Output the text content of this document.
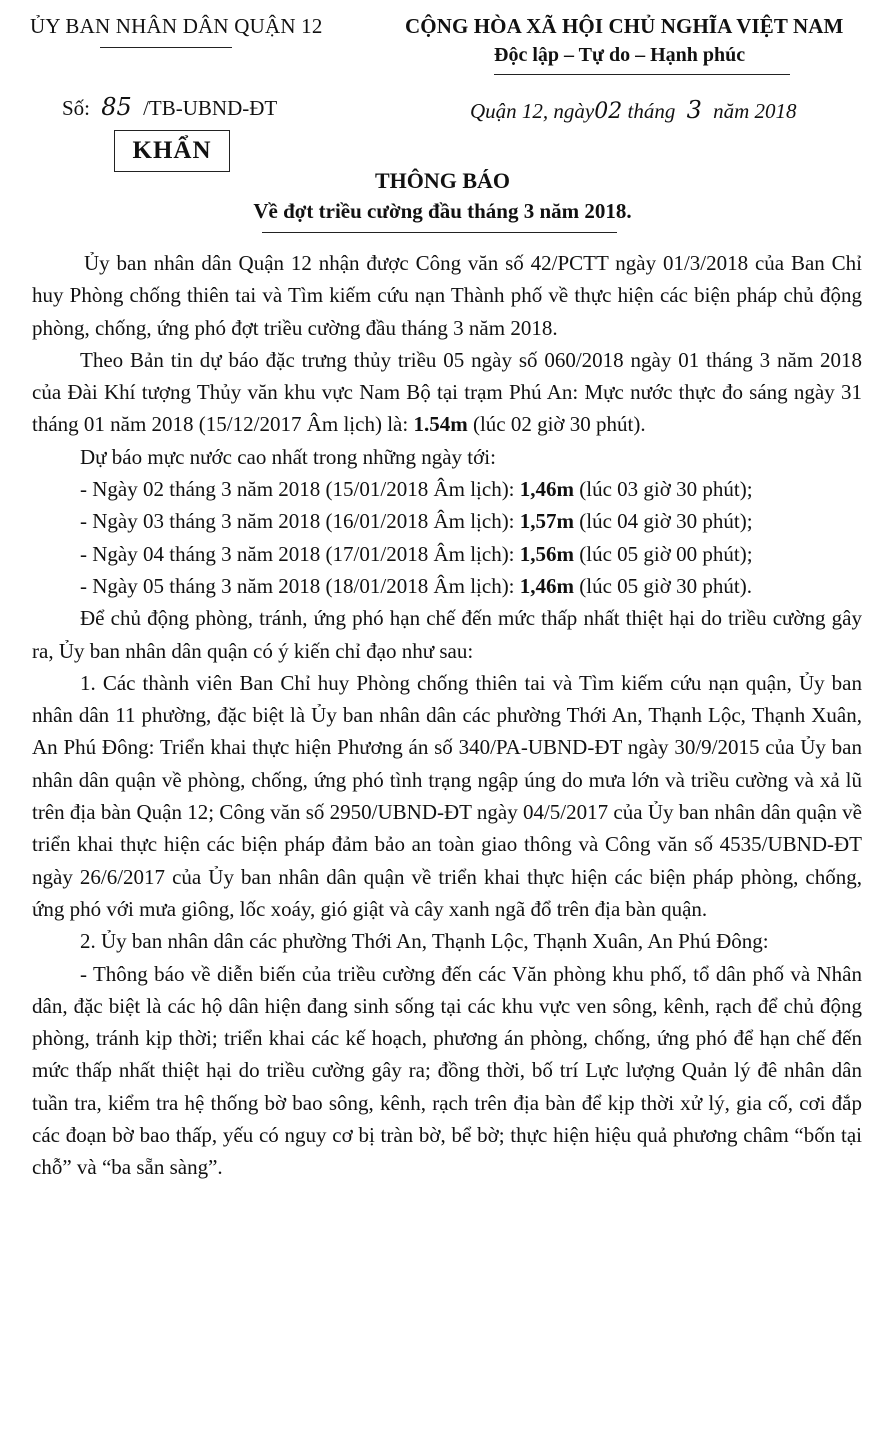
ỦY BAN NHÂN DÂN QUẬN 12	CỘNG HÒA XÃ HỘI CHỦ NGHĨA VIỆT NAM
Độc lập – Tự do – Hạnh phúc
Số: 85 /TB-UBND-ĐT	Quận 12, ngày02 tháng 3 năm 2018
KHẨN
THÔNG BÁO
Về đợt triều cường đầu tháng 3 năm 2018.
Ủy ban nhân dân Quận 12 nhận được Công văn số 42/PCTT ngày 01/3/2018 của Ban Chỉ huy Phòng chống thiên tai và Tìm kiếm cứu nạn Thành phố về thực hiện các biện pháp chủ động phòng, chống, ứng phó đợt triều cường đầu tháng 3 năm 2018.
Theo Bản tin dự báo đặc trưng thủy triều 05 ngày số 060/2018 ngày 01 tháng 3 năm 2018 của Đài Khí tượng Thủy văn khu vực Nam Bộ tại trạm Phú An: Mực nước thực đo sáng ngày 31 tháng 01 năm 2018 (15/12/2017 Âm lịch) là: 1.54m (lúc 02 giờ 30 phút).
Dự báo mực nước cao nhất trong những ngày tới:
- Ngày 02 tháng 3 năm 2018 (15/01/2018 Âm lịch): 1,46m (lúc 03 giờ 30 phút);
- Ngày 03 tháng 3 năm 2018 (16/01/2018 Âm lịch): 1,57m (lúc 04 giờ 30 phút);
- Ngày 04 tháng 3 năm 2018 (17/01/2018 Âm lịch): 1,56m (lúc 05 giờ 00 phút);
- Ngày 05 tháng 3 năm 2018 (18/01/2018 Âm lịch): 1,46m (lúc 05 giờ 30 phút).
Để chủ động phòng, tránh, ứng phó hạn chế đến mức thấp nhất thiệt hại do triều cường gây ra, Ủy ban nhân dân quận có ý kiến chỉ đạo như sau:
1. Các thành viên Ban Chỉ huy Phòng chống thiên tai và Tìm kiếm cứu nạn quận, Ủy ban nhân dân 11 phường, đặc biệt là Ủy ban nhân dân các phường Thới An, Thạnh Lộc, Thạnh Xuân, An Phú Đông: Triển khai thực hiện Phương án số 340/PA-UBND-ĐT ngày 30/9/2015 của Ủy ban nhân dân quận về phòng, chống, ứng phó tình trạng ngập úng do mưa lớn và triều cường và xả lũ trên địa bàn Quận 12; Công văn số 2950/UBND-ĐT ngày 04/5/2017 của Ủy ban nhân dân quận về triển khai thực hiện các biện pháp đảm bảo an toàn giao thông và Công văn số 4535/UBND-ĐT ngày 26/6/2017 của Ủy ban nhân dân quận về triển khai thực hiện các biện pháp phòng, chống, ứng phó với mưa giông, lốc xoáy, gió giật và cây xanh ngã đổ trên địa bàn quận.
2. Ủy ban nhân dân các phường Thới An, Thạnh Lộc, Thạnh Xuân, An Phú Đông:
- Thông báo về diễn biến của triều cường đến các Văn phòng khu phố, tổ dân phố và Nhân dân, đặc biệt là các hộ dân hiện đang sinh sống tại các khu vực ven sông, kênh, rạch để chủ động phòng, tránh kịp thời; triển khai các kế hoạch, phương án phòng, chống, ứng phó để hạn chế đến mức thấp nhất thiệt hại do triều cường gây ra; đồng thời, bố trí Lực lượng Quản lý đê nhân dân tuần tra, kiểm tra hệ thống bờ bao sông, kênh, rạch trên địa bàn để kịp thời xử lý, gia cố, cơi đắp các đoạn bờ bao thấp, yếu có nguy cơ bị tràn bờ, bể bờ; thực hiện hiệu quả phương châm “bốn tại chỗ” và “ba sẵn sàng”.
